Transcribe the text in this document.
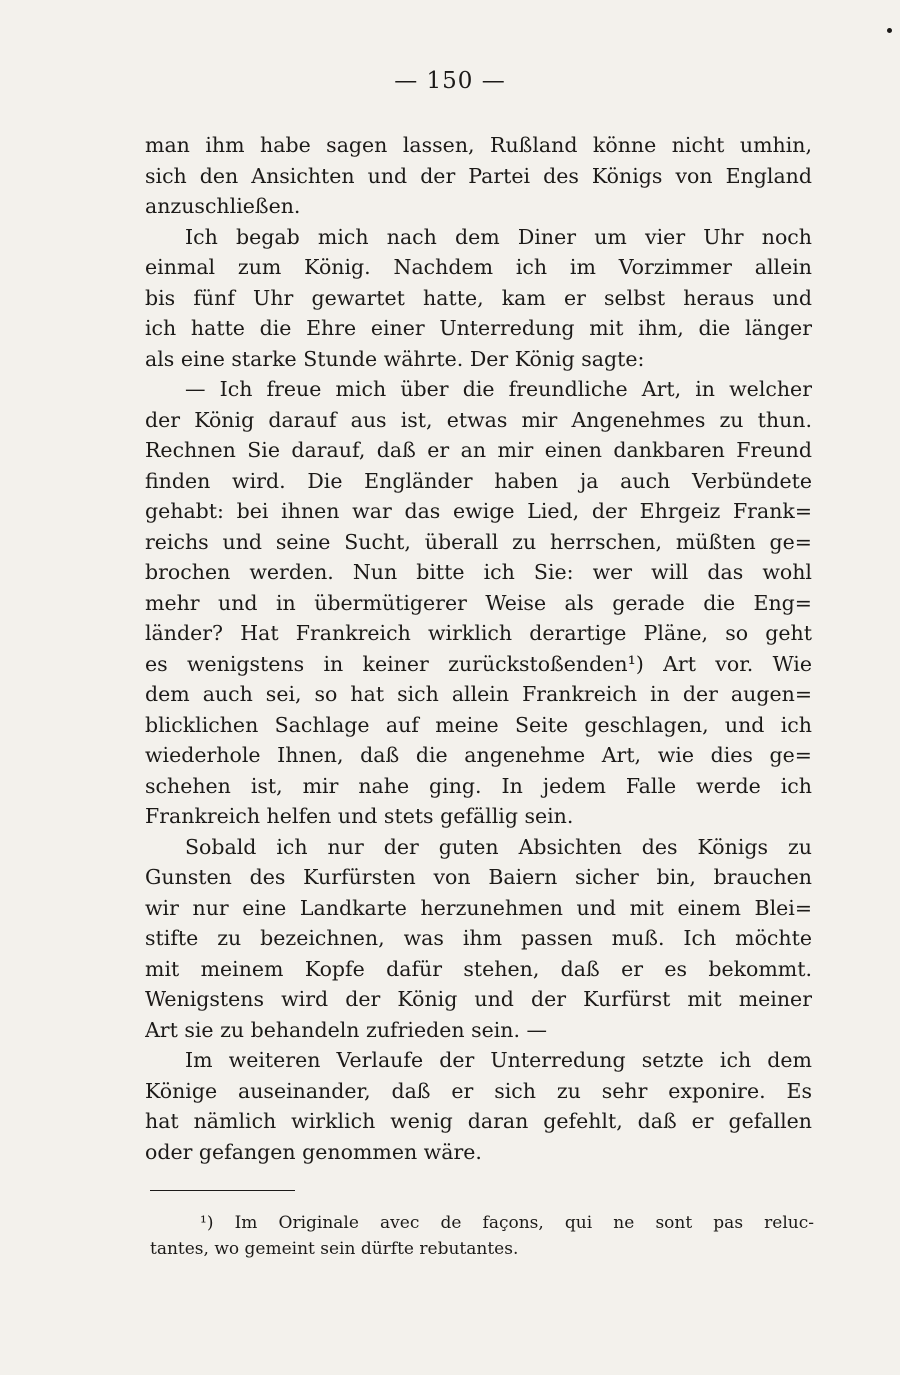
— 150 —
man ihm habe sagen lassen, Rußland könne nicht umhin,
sich den Ansichten und der Partei des Königs von England
anzuschließen.
Ich begab mich nach dem Diner um vier Uhr noch
einmal zum König. Nachdem ich im Vorzimmer allein
bis fünf Uhr gewartet hatte, kam er selbst heraus und
ich hatte die Ehre einer Unterredung mit ihm, die länger
als eine starke Stunde währte. Der König sagte:
— Ich freue mich über die freundliche Art, in welcher
der König darauf aus ist, etwas mir Angenehmes zu thun.
Rechnen Sie darauf, daß er an mir einen dankbaren Freund
finden wird. Die Engländer haben ja auch Verbündete
gehabt: bei ihnen war das ewige Lied, der Ehrgeiz Frank=
reichs und seine Sucht, überall zu herrschen, müßten ge=
brochen werden. Nun bitte ich Sie: wer will das wohl
mehr und in übermütigerer Weise als gerade die Eng=
länder? Hat Frankreich wirklich derartige Pläne, so geht
es wenigstens in keiner zurückstoßenden¹) Art vor. Wie
dem auch sei, so hat sich allein Frankreich in der augen=
blicklichen Sachlage auf meine Seite geschlagen, und ich
wiederhole Ihnen, daß die angenehme Art, wie dies ge=
schehen ist, mir nahe ging. In jedem Falle werde ich
Frankreich helfen und stets gefällig sein.
Sobald ich nur der guten Absichten des Königs zu
Gunsten des Kurfürsten von Baiern sicher bin, brauchen
wir nur eine Landkarte herzunehmen und mit einem Blei=
stifte zu bezeichnen, was ihm passen muß. Ich möchte
mit meinem Kopfe dafür stehen, daß er es bekommt.
Wenigstens wird der König und der Kurfürst mit meiner
Art sie zu behandeln zufrieden sein. —
Im weiteren Verlaufe der Unterredung setzte ich dem
Könige auseinander, daß er sich zu sehr exponire. Es
hat nämlich wirklich wenig daran gefehlt, daß er gefallen
oder gefangen genommen wäre.
¹) Im Originale avec de façons, qui ne sont pas reluc-
tantes, wo gemeint sein dürfte rebutantes.
